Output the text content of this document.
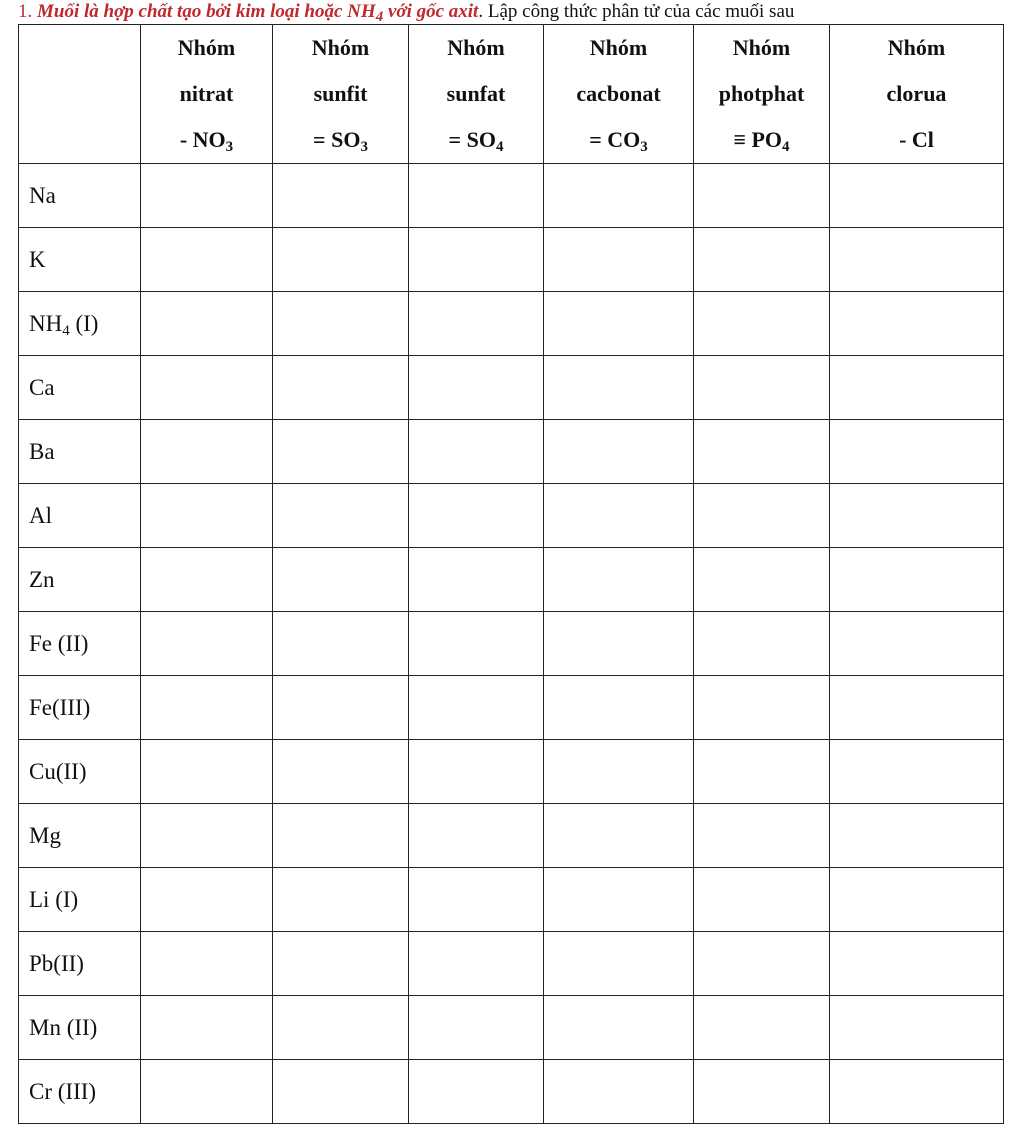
1. Muối là hợp chất tạo bởi kim loại hoặc $NH_4$ với gốc axit. Lập công thức phân tử của các muối sau

	Nhóm
nitrat
- $NO_3$	Nhóm
sunfit
= $SO_3$	Nhóm
sunfat
= $SO_4$	Nhóm
cacbonat
= $CO_3$	Nhóm
photphat
≡ $PO_4$	Nhóm
clorua
- Cl

Na						
K						
$NH_4$ (I)						
Ca						
Ba						
Al						
Zn						
Fe (II)						
Fe(III)						
Cu(II)						
Mg						
Li (I)						
Pb(II)						
Mn (II)						
Cr (III)						
